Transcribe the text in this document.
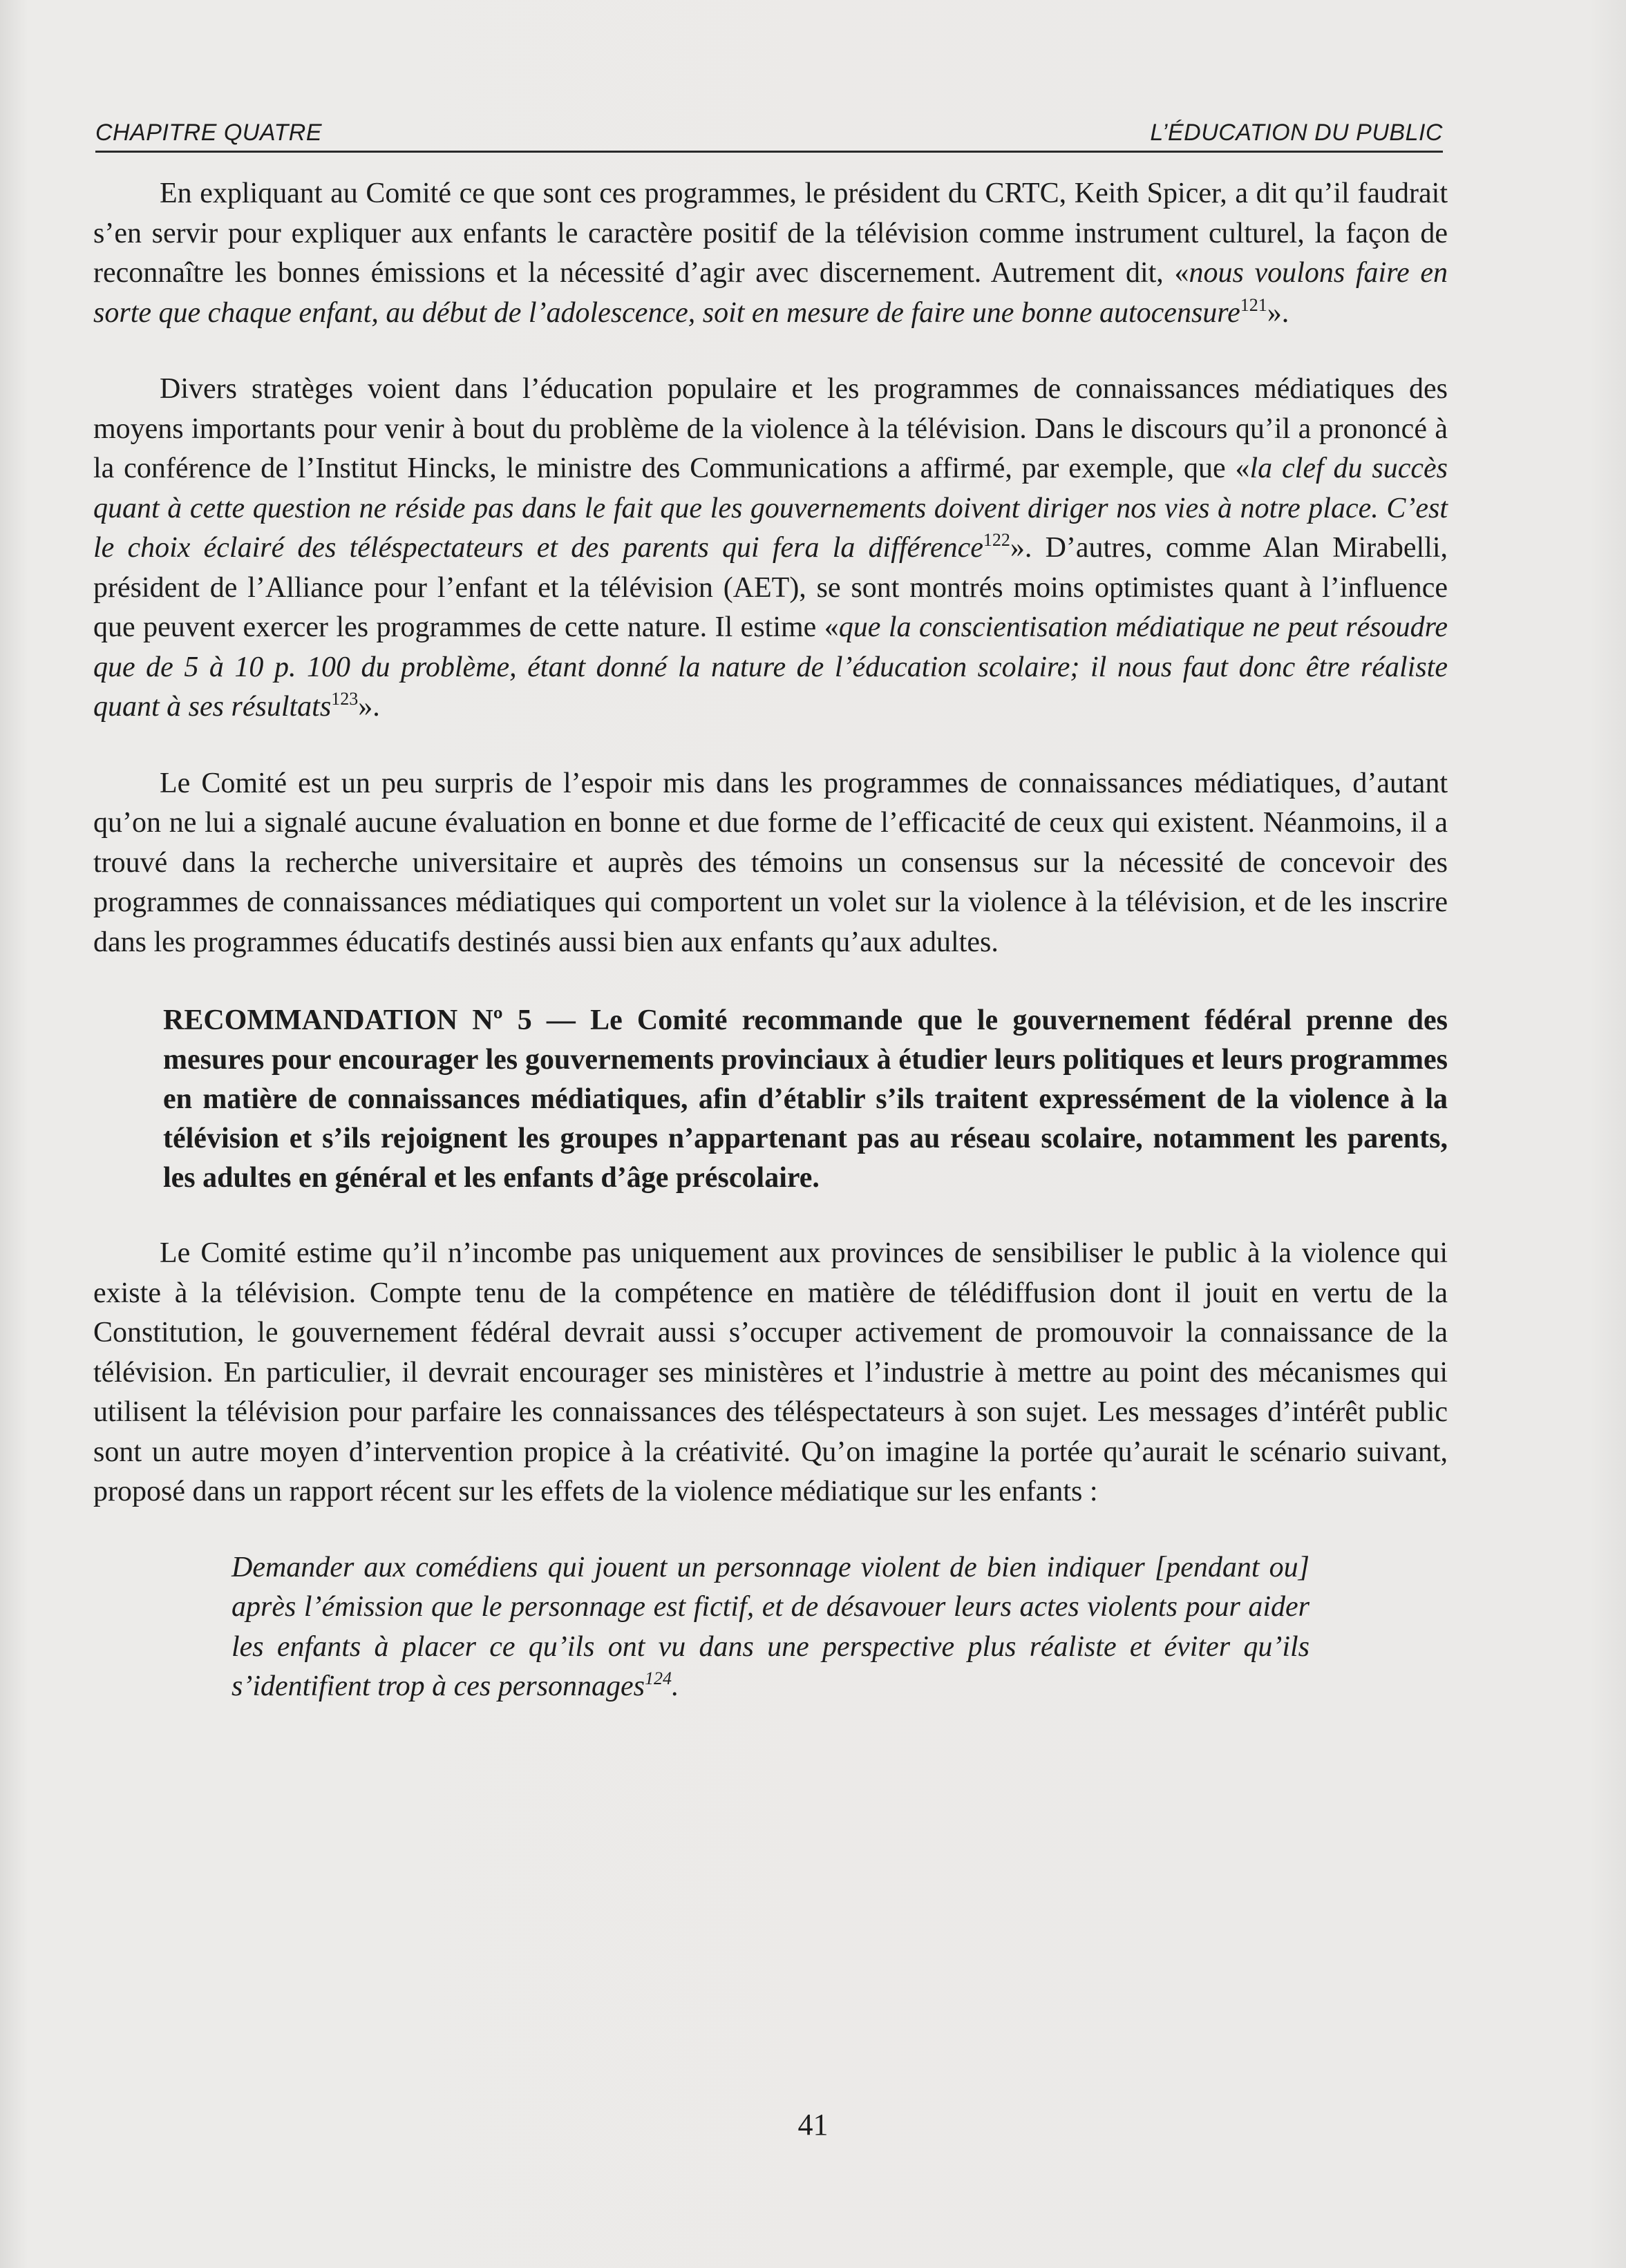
CHAPITRE QUATRE	L’ÉDUCATION DU PUBLIC

En expliquant au Comité ce que sont ces programmes, le président du CRTC, Keith Spicer, a dit qu’il faudrait s’en servir pour expliquer aux enfants le caractère positif de la télévision comme instrument culturel, la façon de reconnaître les bonnes émissions et la nécessité d’agir avec discernement. Autrement dit, «nous voulons faire en sorte que chaque enfant, au début de l’adolescence, soit en mesure de faire une bonne autocensure$^{121}$».

Divers stratèges voient dans l’éducation populaire et les programmes de connaissances médiatiques des moyens importants pour venir à bout du problème de la violence à la télévision. Dans le discours qu’il a prononcé à la conférence de l’Institut Hincks, le ministre des Communications a affirmé, par exemple, que «la clef du succès quant à cette question ne réside pas dans le fait que les gouvernements doivent diriger nos vies à notre place. C’est le choix éclairé des téléspectateurs et des parents qui fera la différence$^{122}$». D’autres, comme Alan Mirabelli, président de l’Alliance pour l’enfant et la télévision (AET), se sont montrés moins optimistes quant à l’influence que peuvent exercer les programmes de cette nature. Il estime «que la conscientisation médiatique ne peut résoudre que de 5 à 10 p. 100 du problème, étant donné la nature de l’éducation scolaire; il nous faut donc être réaliste quant à ses résultats$^{123}$».

Le Comité est un peu surpris de l’espoir mis dans les programmes de connaissances médiatiques, d’autant qu’on ne lui a signalé aucune évaluation en bonne et due forme de l’efficacité de ceux qui existent. Néanmoins, il a trouvé dans la recherche universitaire et auprès des témoins un consensus sur la nécessité de concevoir des programmes de connaissances médiatiques qui comportent un volet sur la violence à la télévision, et de les inscrire dans les programmes éducatifs destinés aussi bien aux enfants qu’aux adultes.

RECOMMANDATION Nº 5 — Le Comité recommande que le gouvernement fédéral prenne des mesures pour encourager les gouvernements provinciaux à étudier leurs politiques et leurs programmes en matière de connaissances médiatiques, afin d’établir s’ils traitent expressément de la violence à la télévision et s’ils rejoignent les groupes n’appartenant pas au réseau scolaire, notamment les parents, les adultes en général et les enfants d’âge préscolaire.

Le Comité estime qu’il n’incombe pas uniquement aux provinces de sensibiliser le public à la violence qui existe à la télévision. Compte tenu de la compétence en matière de télédiffusion dont il jouit en vertu de la Constitution, le gouvernement fédéral devrait aussi s’occuper activement de promouvoir la connaissance de la télévision. En particulier, il devrait encourager ses ministères et l’industrie à mettre au point des mécanismes qui utilisent la télévision pour parfaire les connaissances des téléspectateurs à son sujet. Les messages d’intérêt public sont un autre moyen d’intervention propice à la créativité. Qu’on imagine la portée qu’aurait le scénario suivant, proposé dans un rapport récent sur les effets de la violence médiatique sur les enfants :

Demander aux comédiens qui jouent un personnage violent de bien indiquer [pendant ou] après l’émission que le personnage est fictif, et de désavouer leurs actes violents pour aider les enfants à placer ce qu’ils ont vu dans une perspective plus réaliste et éviter qu’ils s’identifient trop à ces personnages$^{124}$.

41
